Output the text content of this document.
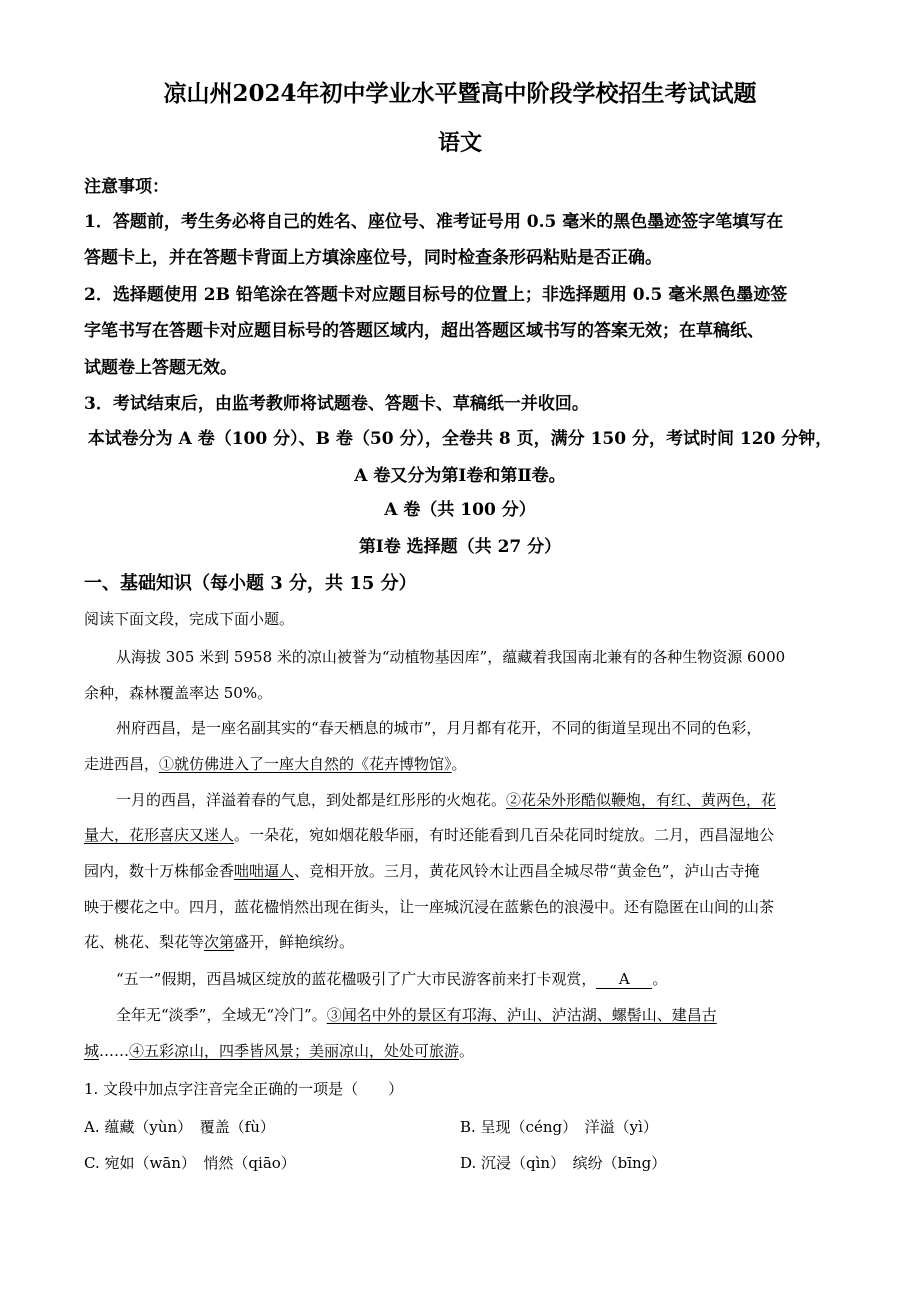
凉山州2024年初中学业水平暨高中阶段学校招生考试试题
语文
注意事项：
1．答题前，考生务必将自己的姓名、座位号、准考证号用 0.5 毫米的黑色墨迹签字笔填写在
答题卡上，并在答题卡背面上方填涂座位号，同时检查条形码粘贴是否正确。
2．选择题使用 2B 铅笔涂在答题卡对应题目标号的位置上；非选择题用 0.5 毫米黑色墨迹签
字笔书写在答题卡对应题目标号的答题区域内，超出答题区域书写的答案无效；在草稿纸、
试题卷上答题无效。
3．考试结束后，由监考教师将试题卷、答题卡、草稿纸一并收回。
本试卷分为 A 卷（100 分）、B 卷（50 分），全卷共 8 页，满分 150 分，考试时间 120 分钟，
A 卷又分为第Ⅰ卷和第Ⅱ卷。
A 卷（共 100 分）
第Ⅰ卷 选择题（共 27 分）
一、基础知识（每小题 3 分，共 15 分）
阅读下面文段，完成下面小题。
从海拔 305 米到 5958 米的凉山被誉为“动植物基因库”，蕴藏着我国南北兼有的各种生物资源 6000
余种，森林覆盖率达 50%。
州府西昌，是一座名副其实的“春天栖息的城市”，月月都有花开，不同的街道呈现出不同的色彩，
走进西昌，①就仿佛进入了一座大自然的《花卉博物馆》。
一月的西昌，洋溢着春的气息，到处都是红彤彤的火炮花。②花朵外形酷似鞭炮，有红、黄两色，花
量大，花形喜庆又迷人。一朵花，宛如烟花般华丽，有时还能看到几百朵花同时绽放。二月，西昌湿地公
园内，数十万株郁金香咄咄逼人、竞相开放。三月，黄花风铃木让西昌全城尽带“黄金色”，泸山古寺掩
映于樱花之中。四月，蓝花楹悄然出现在街头，让一座城沉浸在蓝紫色的浪漫中。还有隐匿在山间的山茶
花、桃花、梨花等次第盛开，鲜艳缤纷。
“五一”假期，西昌城区绽放的蓝花楹吸引了广大市民游客前来打卡观赏， A 。
全年无“淡季”，全域无“冷门”。③闻名中外的景区有邛海、泸山、泸沽湖、螺髻山、建昌古
城……④五彩凉山，四季皆风景；美丽凉山，处处可旅游。
1. 文段中加点字注音完全正确的一项是（　　）
A. 蕴藏（yùn）　覆盖（fù）	B. 呈现（céng）　洋溢（yì）
C. 宛如（wān）　悄然（qiāo）	D. 沉浸（qìn）　缤纷（bīng）
